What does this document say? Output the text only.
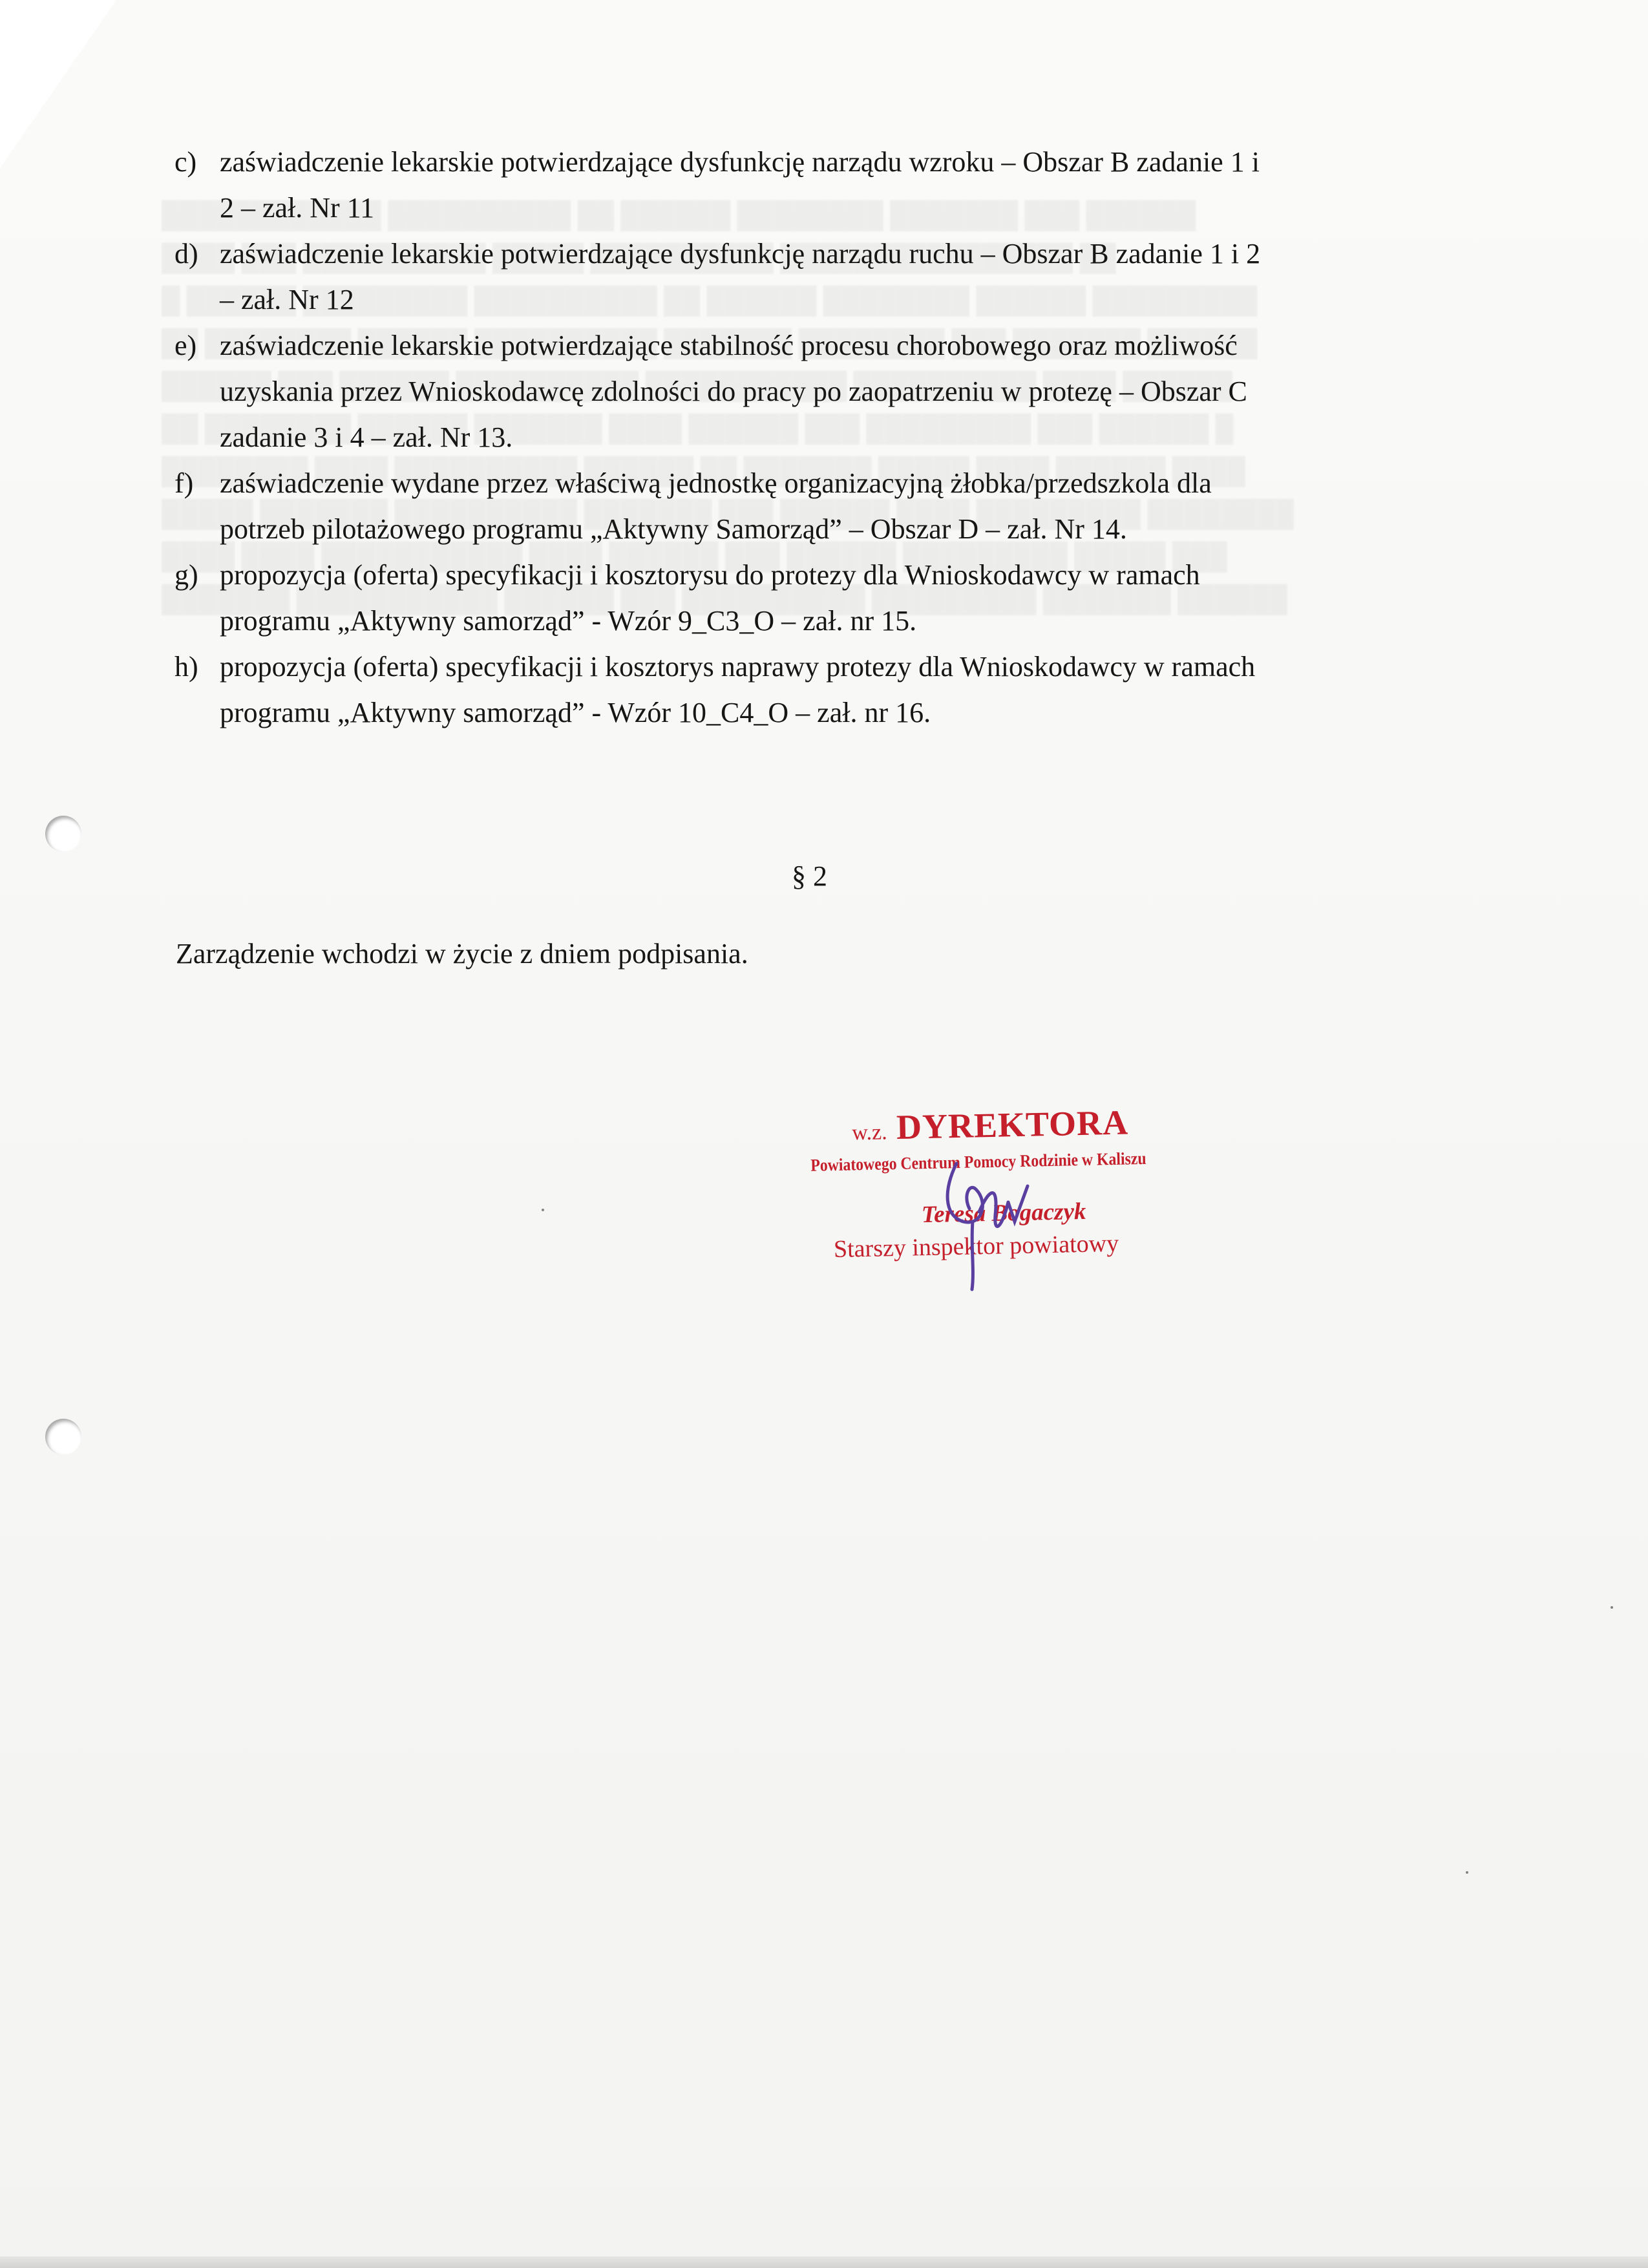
c) zaświadczenie lekarskie potwierdzające dysfunkcję narządu wzroku – Obszar B zadanie 1 i
2 – zał. Nr 11
d) zaświadczenie lekarskie potwierdzające dysfunkcję narządu ruchu – Obszar B zadanie 1 i 2
– zał. Nr 12
e) zaświadczenie lekarskie potwierdzające stabilność procesu chorobowego oraz możliwość
uzyskania przez Wnioskodawcę zdolności do pracy po zaopatrzeniu w protezę – Obszar C
zadanie 3 i 4 – zał. Nr 13.
f) zaświadczenie wydane przez właściwą jednostkę organizacyjną żłobka/przedszkola dla
potrzeb pilotażowego programu „Aktywny Samorząd” – Obszar D – zał. Nr 14.
g) propozycja (oferta) specyfikacji i kosztorysu do protezy dla Wnioskodawcy w ramach
programu „Aktywny samorząd” - Wzór 9_C3_O – zał. nr 15.
h) propozycja (oferta) specyfikacji i kosztorys naprawy protezy dla Wnioskodawcy w ramach
programu „Aktywny samorząd” - Wzór 10_C4_O – zał. nr 16.
§ 2
Zarządzenie wchodzi w życie z dniem podpisania.
w.z. DYREKTORA
Powiatowego Centrum Pomocy Rodzinie w Kaliszu
Teresa Bogaczyk
Starszy inspektor powiatowy
